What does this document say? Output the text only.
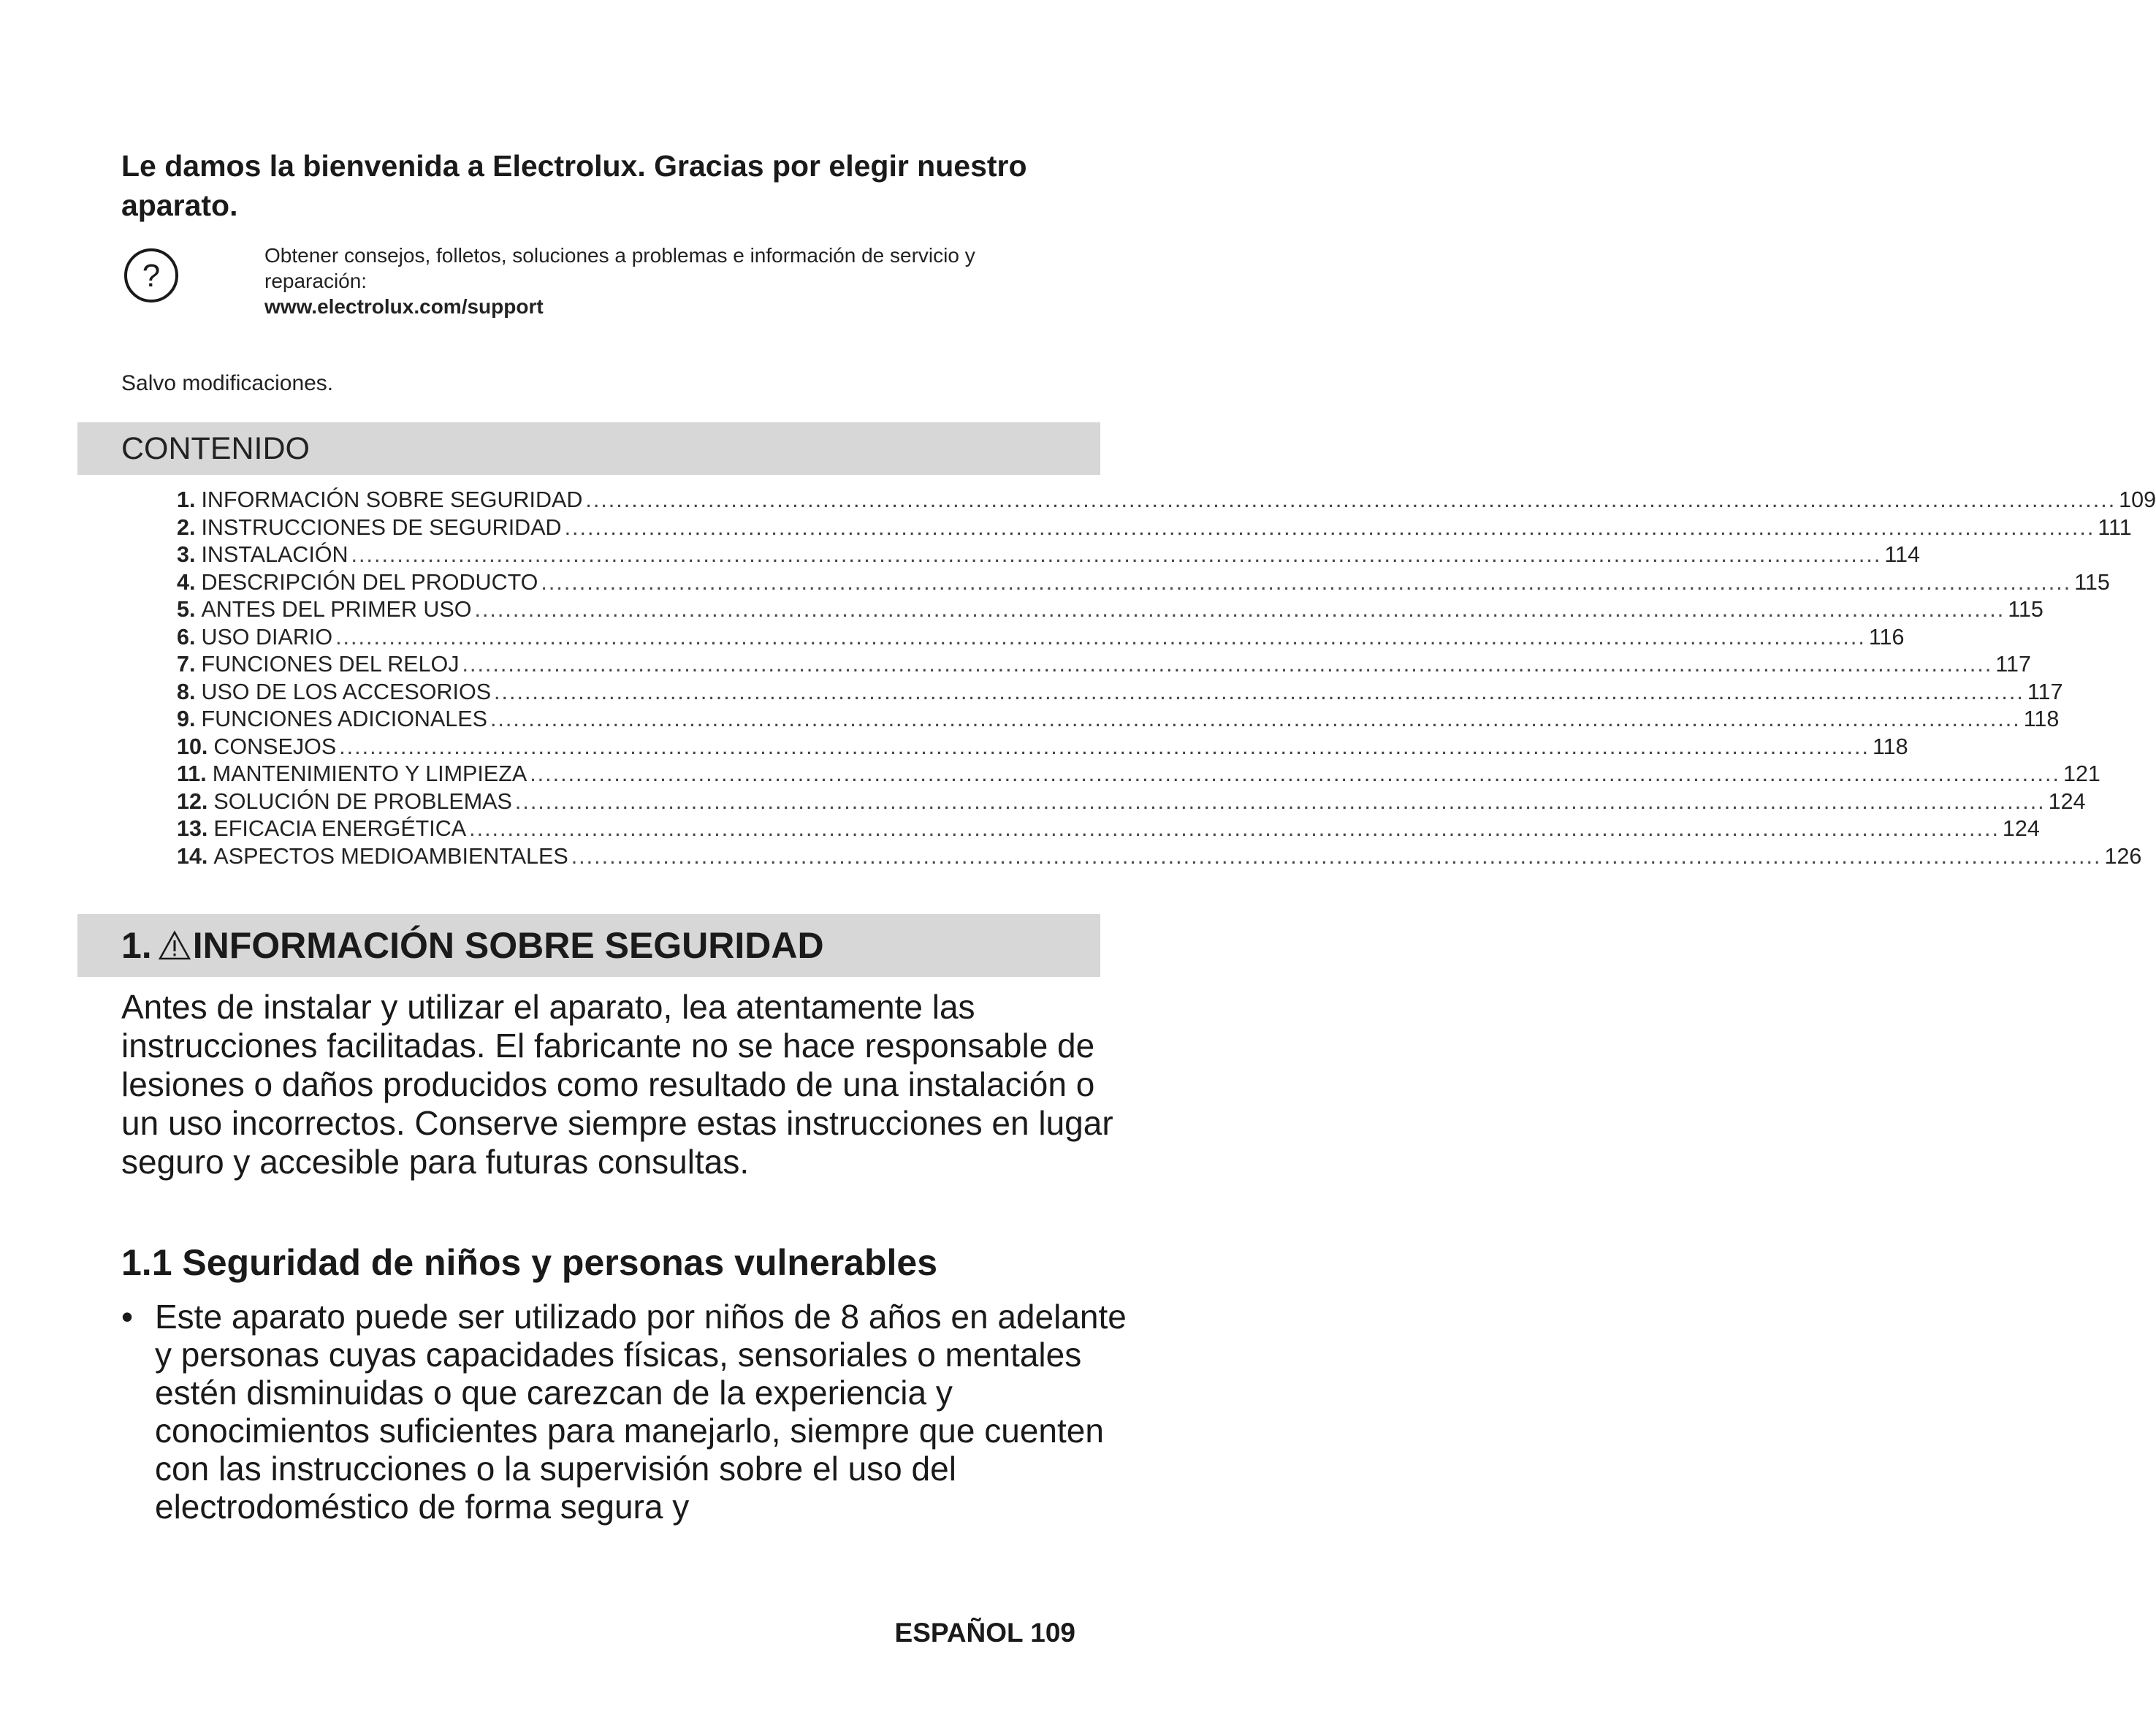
Le damos la bienvenida a Electrolux. Gracias por elegir nuestro aparato.
?
Obtener consejos, folletos, soluciones a problemas e información de servicio y reparación:
www.electrolux.com/support
Salvo modificaciones.
CONTENIDO
1. INFORMACIÓN SOBRE SEGURIDAD ........................................................................................................................................................................................................ 109
2. INSTRUCCIONES DE SEGURIDAD ........................................................................................................................................................................................................ 111
3. INSTALACIÓN ........................................................................................................................................................................................................ 114
4. DESCRIPCIÓN DEL PRODUCTO ........................................................................................................................................................................................................ 115
5. ANTES DEL PRIMER USO ........................................................................................................................................................................................................ 115
6. USO DIARIO ........................................................................................................................................................................................................ 116
7. FUNCIONES DEL RELOJ ........................................................................................................................................................................................................ 117
8. USO DE LOS ACCESORIOS ........................................................................................................................................................................................................ 117
9. FUNCIONES ADICIONALES ........................................................................................................................................................................................................ 118
10. CONSEJOS ........................................................................................................................................................................................................ 118
11. MANTENIMIENTO Y LIMPIEZA ........................................................................................................................................................................................................ 121
12. SOLUCIÓN DE PROBLEMAS ........................................................................................................................................................................................................ 124
13. EFICACIA ENERGÉTICA ........................................................................................................................................................................................................ 124
14. ASPECTOS MEDIOAMBIENTALES ........................................................................................................................................................................................................ 126
1. INFORMACIÓN SOBRE SEGURIDAD
Antes de instalar y utilizar el aparato, lea atentamente las instrucciones facilitadas. El fabricante no se hace responsable de lesiones o daños producidos como resultado de una instalación o un uso incorrectos. Conserve siempre estas instrucciones en lugar seguro y accesible para futuras consultas.
1.1 Seguridad de niños y personas vulnerables
• Este aparato puede ser utilizado por niños de 8 años en adelante y personas cuyas capacidades físicas, sensoriales o mentales estén disminuidas o que carezcan de la experiencia y conocimientos suficientes para manejarlo, siempre que cuenten con las instrucciones o la supervisión sobre el uso del electrodoméstico de forma segura y
ESPAÑOL 109
